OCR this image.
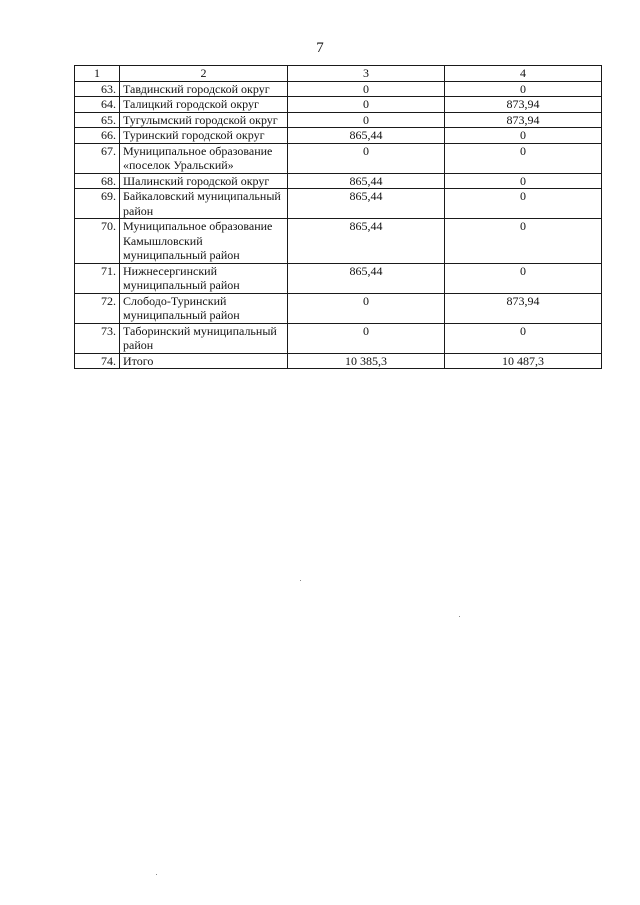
7
1	2	3	4
63.	Тавдинский городской округ	0	0
64.	Талицкий городской округ	0	873,94
65.	Тугулымский городской округ	0	873,94
66.	Туринский городской округ	865,44	0
67.	Муниципальное образование «поселок Уральский»	0	0
68.	Шалинский городской округ	865,44	0
69.	Байкаловский муниципальный район	865,44	0
70.	Муниципальное образование Камышловский муниципальный район	865,44	0
71.	Нижнесергинский муниципальный район	865,44	0
72.	Слободо-Туринский муниципальный район	0	873,94
73.	Таборинский муниципальный район	0	0
74.	Итого	10 385,3	10 487,3
